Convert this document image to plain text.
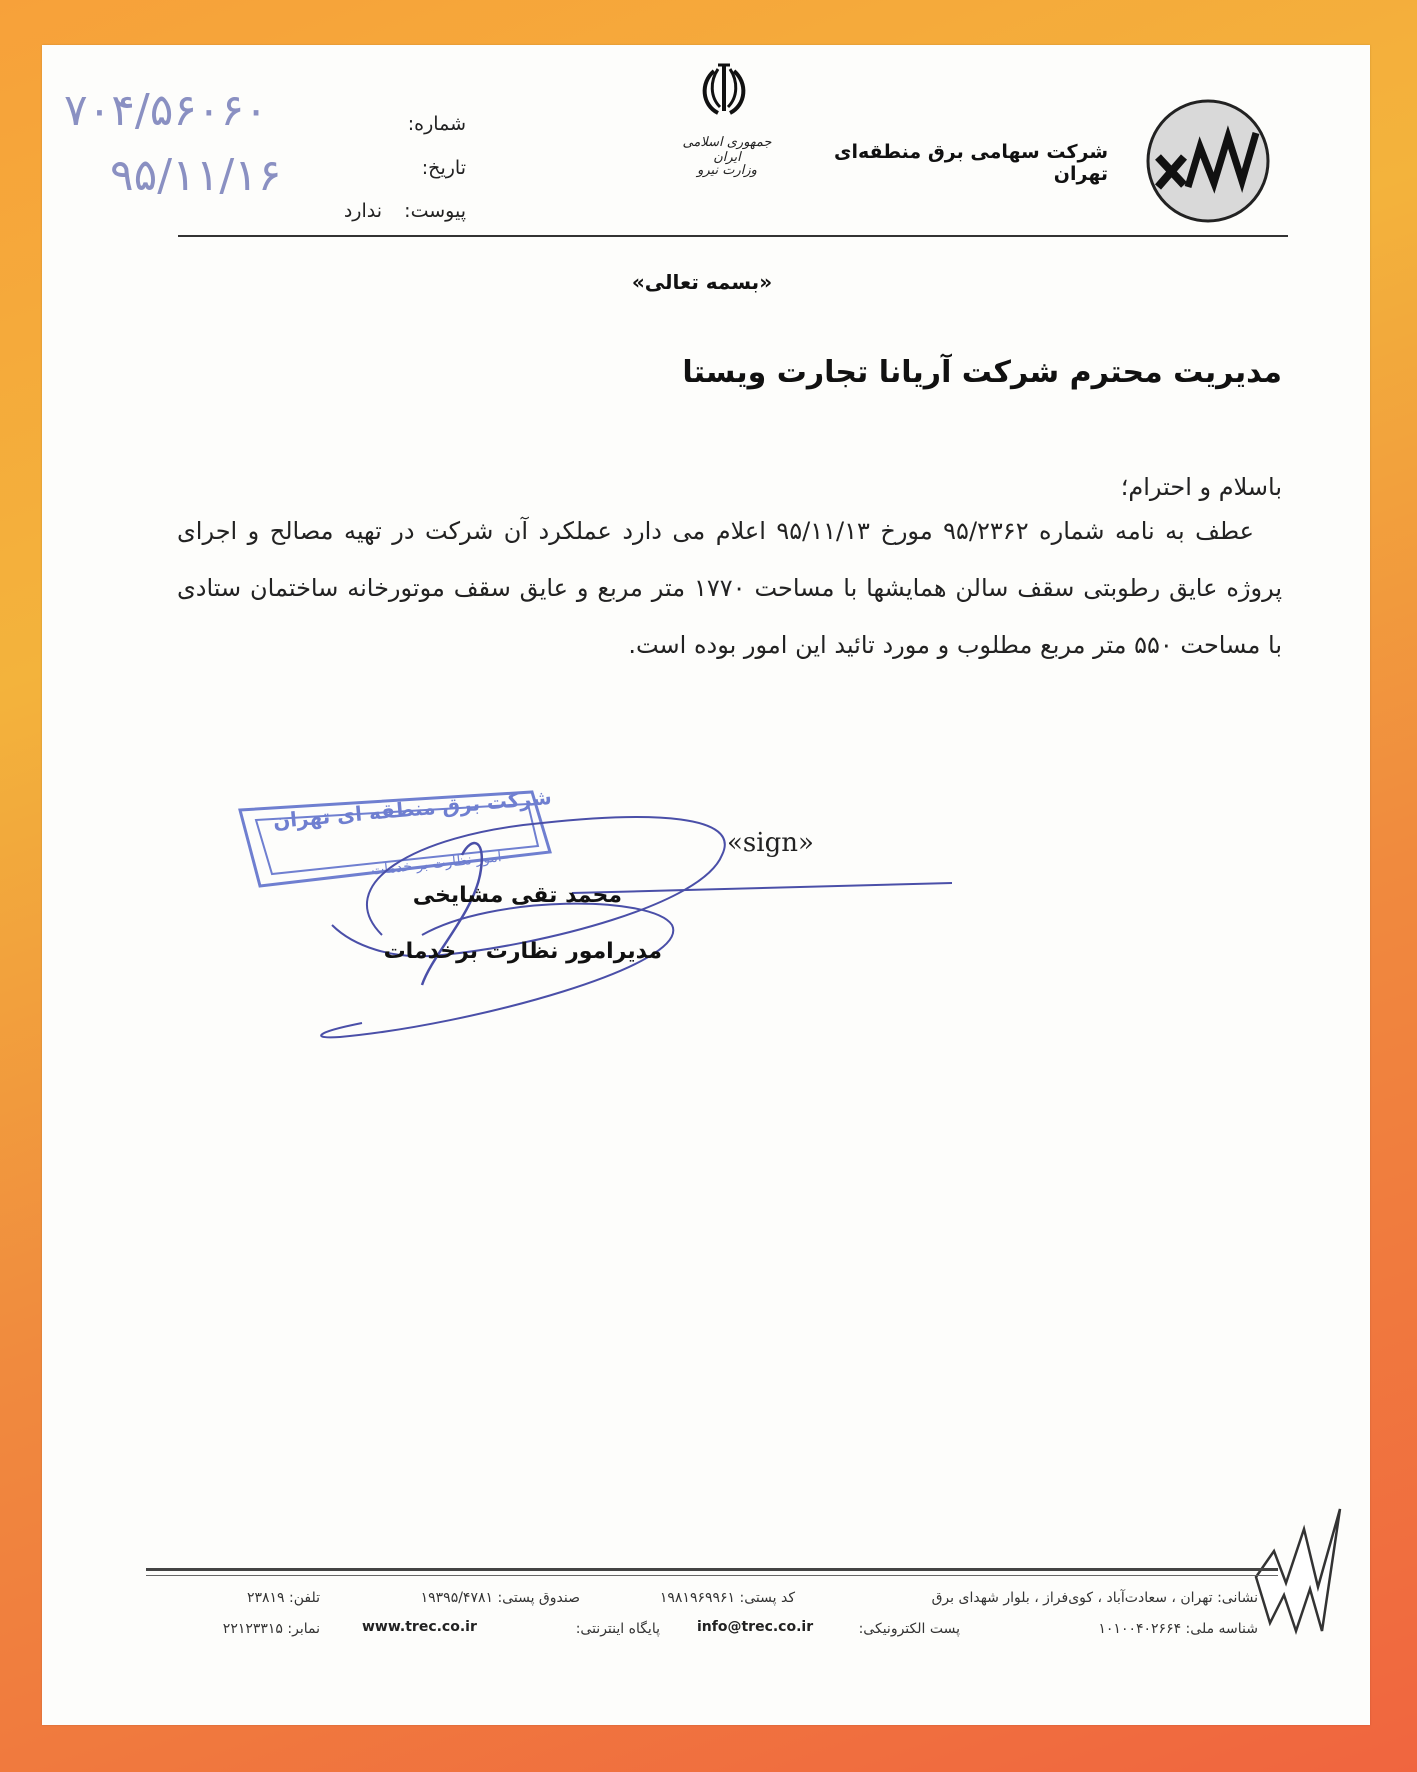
شرکت سهامی برق منطقه‌ای تهران
جمهوری اسلامی ایران
وزارت نیرو
شماره:
۷۰۴/۵۶۰۶۰
تاریخ:
۹۵/۱۱/۱۶
پیوست:
ندارد
«بسمه تعالی»
مدیریت محترم شرکت آریانا تجارت ویستا
باسلام و احترام؛
عطف به نامه شماره ۹۵/۲۳۶۲ مورخ ۹۵/۱۱/۱۳ اعلام می دارد عملکرد آن شرکت در تهیه مصالح و اجرای پروژه عایق رطوبتی سقف سالن همایشها با مساحت ۱۷۷۰ متر مربع و عایق سقف موتورخانه ساختمان ستادی با مساحت ۵۵۰ متر مربع مطلوب و مورد تائید این امور بوده است.
شرکت برق منطقه ای تهران
امور نظارت بر خدمات
«sign»
محمد تقی مشایخی
مدیرامور نظارت برخدمات
نشانی: تهران ، سعادت‌آباد ، کوی‌فراز ، بلوار شهدای برق
کد پستی: ۱۹۸۱۹۶۹۹۶۱
صندوق پستی: ۱۹۳۹۵/۴۷۸۱
تلفن: ۲۳۸۱۹
شناسه ملی: ۱۰۱۰۰۴۰۲۶۶۴
پست الکترونیکی:
info@trec.co.ir
پایگاه اینترنتی:
www.trec.co.ir
نمابر: ۲۲۱۲۳۳۱۵
